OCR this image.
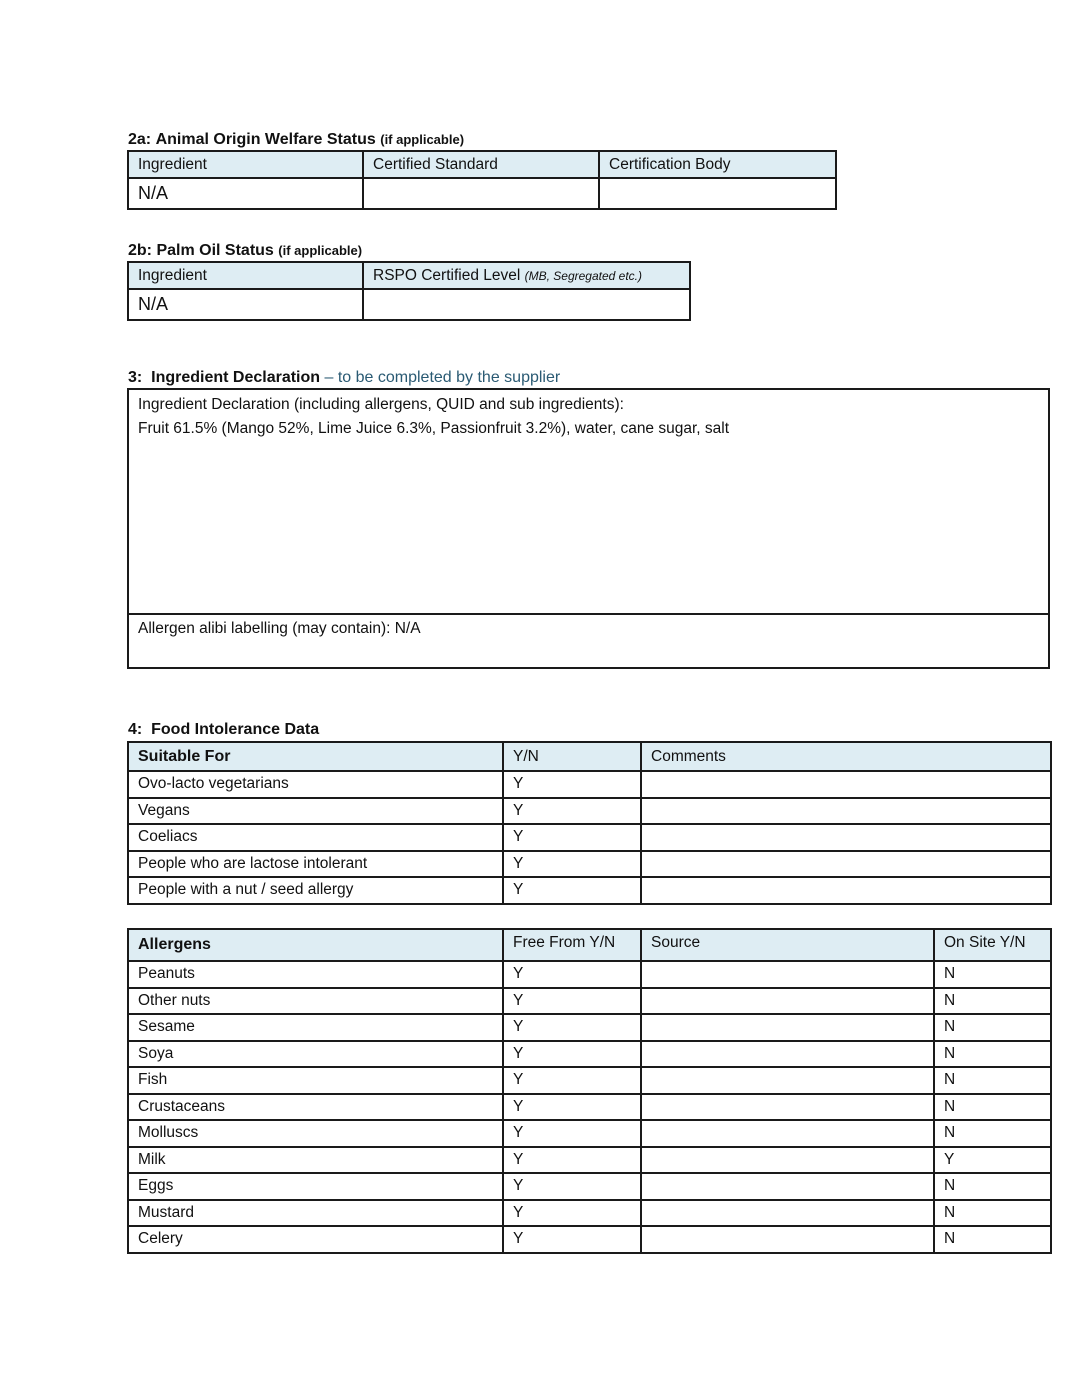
2a: Animal Origin Welfare Status (if applicable)
Ingredient	Certified Standard	Certification Body
N/A		
2b: Palm Oil Status (if applicable)
Ingredient	RSPO Certified Level (MB, Segregated etc.)
N/A	
3: Ingredient Declaration – to be completed by the supplier
Ingredient Declaration (including allergens, QUID and sub ingredients):
Fruit 61.5% (Mango 52%, Lime Juice 6.3%, Passionfruit 3.2%), water, cane sugar, salt
Allergen alibi labelling (may contain): N/A
4: Food Intolerance Data
Suitable For	Y/N	Comments
Ovo-lacto vegetarians	Y	
Vegans	Y	
Coeliacs	Y	
People who are lactose intolerant	Y	
People with a nut / seed allergy	Y	
Allergens	Free From Y/N	Source	On Site Y/N
Peanuts	Y		N
Other nuts	Y		N
Sesame	Y		N
Soya	Y		N
Fish	Y		N
Crustaceans	Y		N
Molluscs	Y		N
Milk	Y		Y
Eggs	Y		N
Mustard	Y		N
Celery	Y		N
